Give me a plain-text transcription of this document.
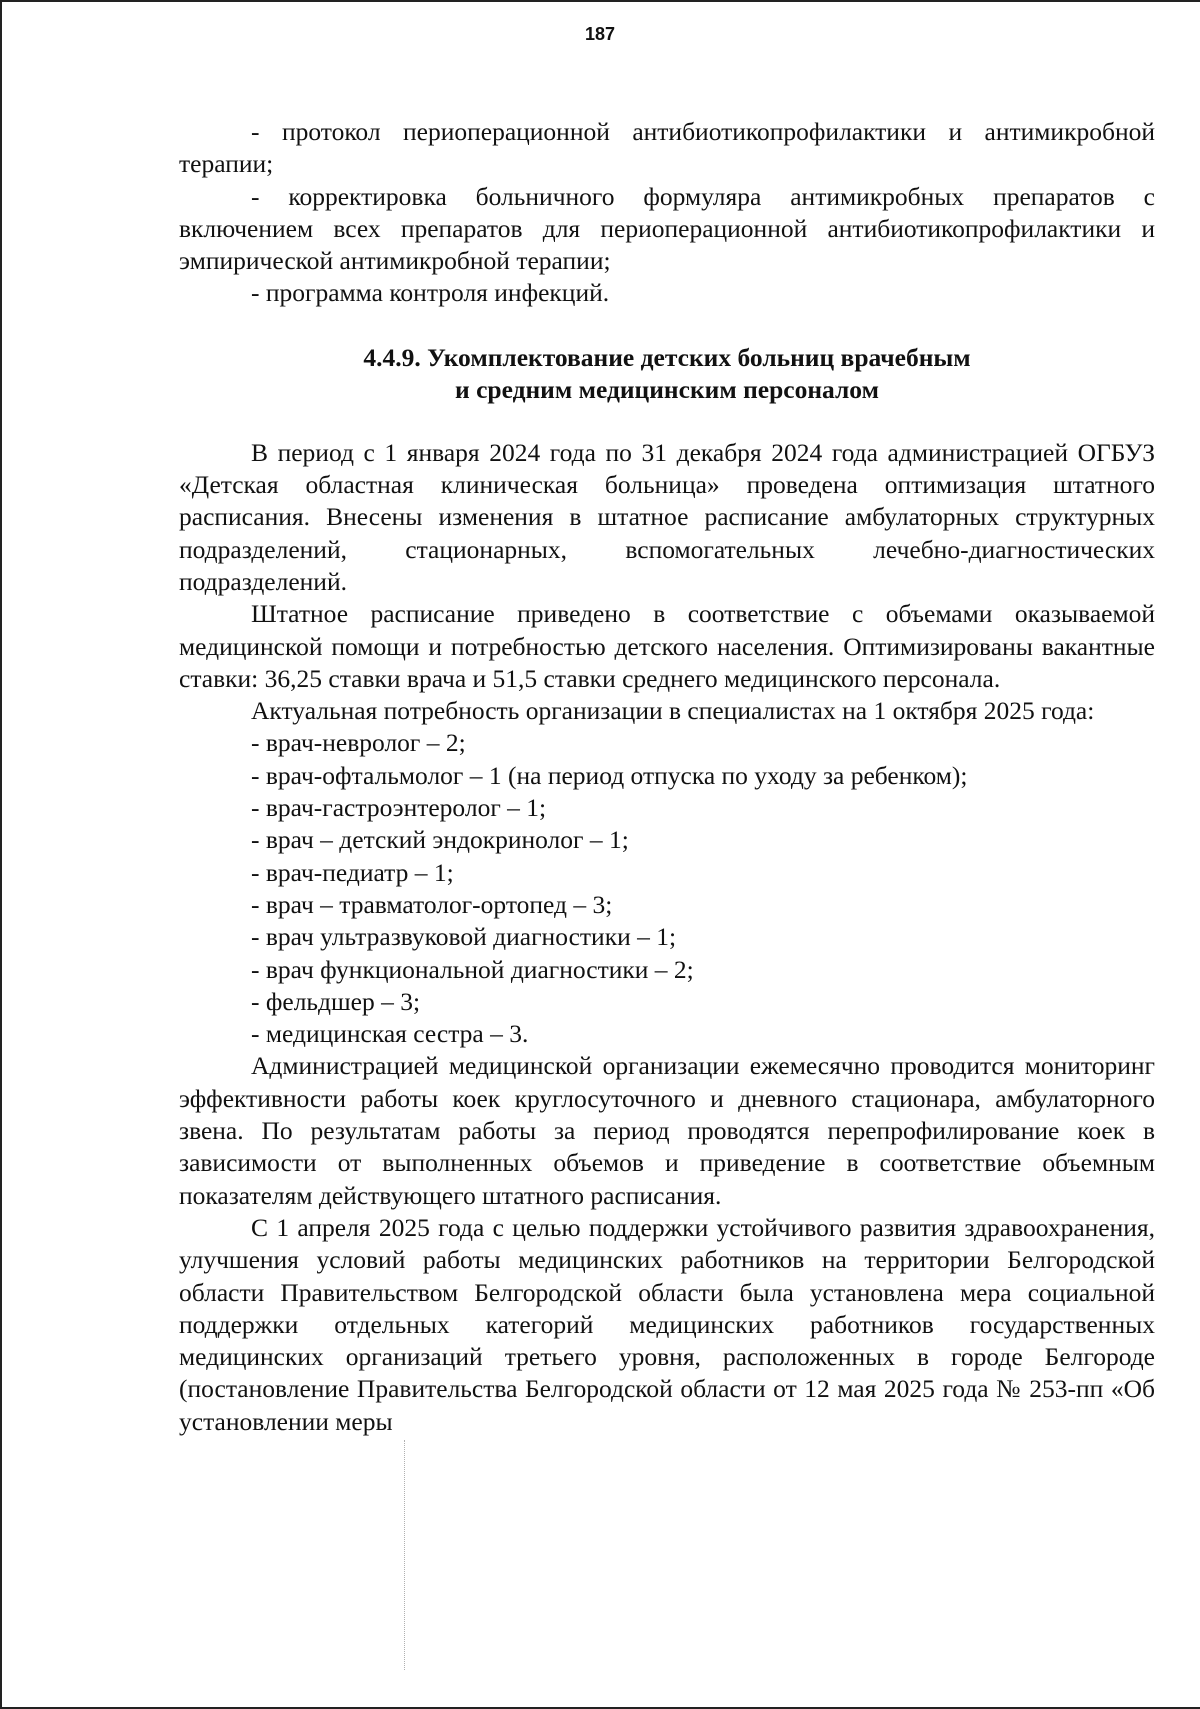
187

- протокол периоперационной антибиотикопрофилактики и антимикробной терапии;

- корректировка больничного формуляра антимикробных препаратов с включением всех препаратов для периоперационной антибиотикопрофилактики и эмпирической антимикробной терапии;

- программа контроля инфекций.

4.4.9. Укомплектование детских больниц врачебным
и средним медицинским персоналом

В период с 1 января 2024 года по 31 декабря 2024 года администрацией ОГБУЗ «Детская областная клиническая больница» проведена оптимизация штатного расписания. Внесены изменения в штатное расписание амбулаторных структурных подразделений, стационарных, вспомогательных лечебно-диагностических подразделений.

Штатное расписание приведено в соответствие с объемами оказываемой медицинской помощи и потребностью детского населения. Оптимизированы вакантные ставки: 36,25 ставки врача и 51,5 ставки среднего медицинского персонала.

Актуальная потребность организации в специалистах на 1 октября 2025 года:

- врач-невролог – 2;

- врач-офтальмолог – 1 (на период отпуска по уходу за ребенком);

- врач-гастроэнтеролог – 1;

- врач – детский эндокринолог – 1;

- врач-педиатр – 1;

- врач – травматолог-ортопед – 3;

- врач ультразвуковой диагностики – 1;

- врач функциональной диагностики – 2;

- фельдшер – 3;

- медицинская сестра – 3.

Администрацией медицинской организации ежемесячно проводится мониторинг эффективности работы коек круглосуточного и дневного стационара, амбулаторного звена. По результатам работы за период проводятся перепрофилирование коек в зависимости от выполненных объемов и приведение в соответствие объемным показателям действующего штатного расписания.

С 1 апреля 2025 года с целью поддержки устойчивого развития здравоохранения, улучшения условий работы медицинских работников на территории Белгородской области Правительством Белгородской области была установлена мера социальной поддержки отдельных категорий медицинских работников государственных медицинских организаций третьего уровня, расположенных в городе Белгороде (постановление Правительства Белгородской области от 12 мая 2025 года № 253-пп «Об установлении меры
